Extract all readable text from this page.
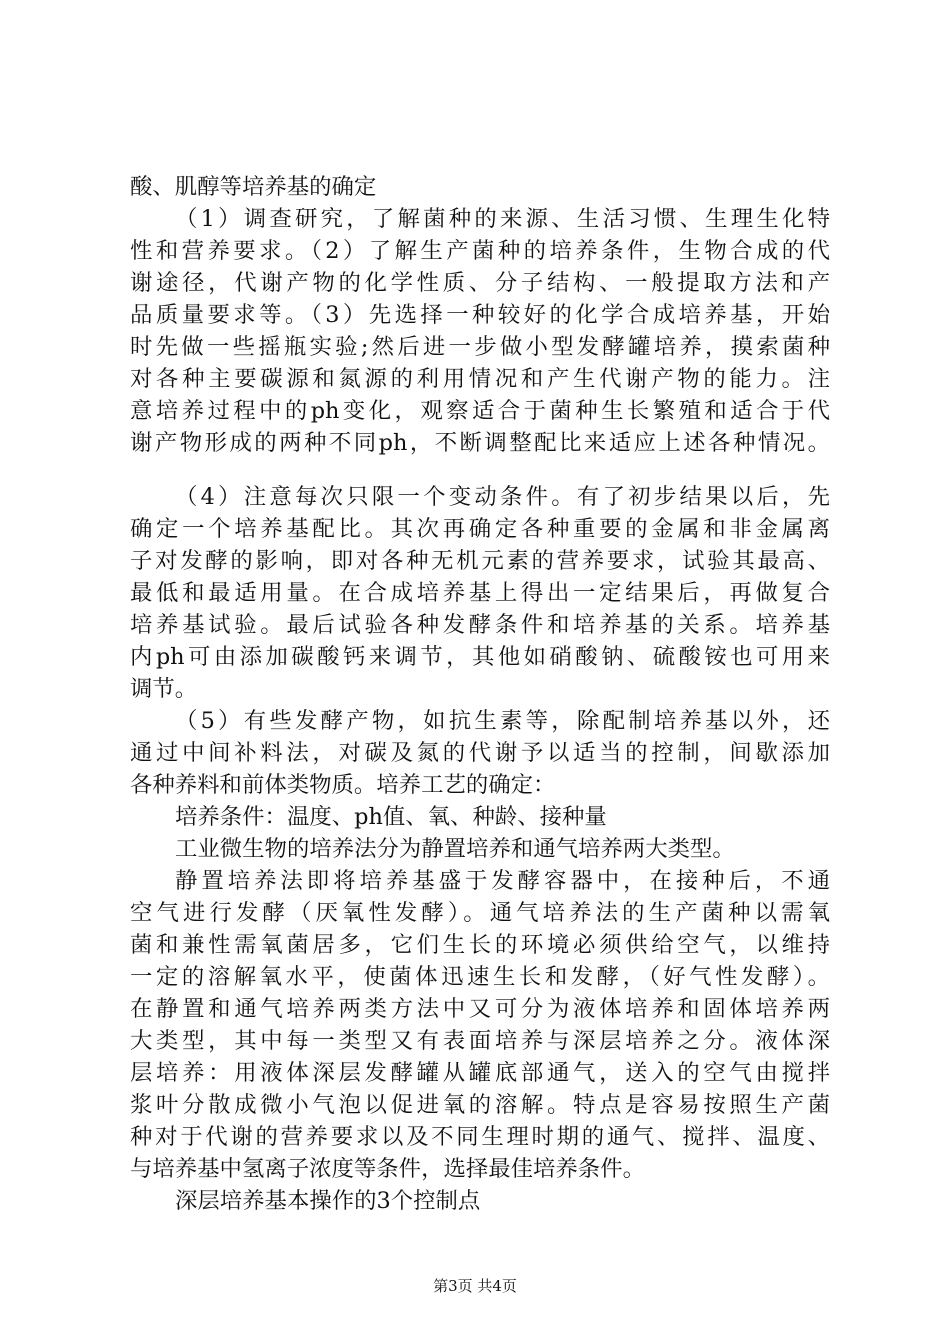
酸、肌醇等培养基的确定
（1）调查研究，了解菌种的来源、生活习惯、生理生化特
性和营养要求。（2）了解生产菌种的培养条件，生物合成的代
谢途径，代谢产物的化学性质、分子结构、一般提取方法和产
品质量要求等。（3）先选择一种较好的化学合成培养基，开始
时先做一些摇瓶实验;然后进一步做小型发酵罐培养，摸索菌种
对各种主要碳源和氮源的利用情况和产生代谢产物的能力。注
意培养过程中的ph变化，观察适合于菌种生长繁殖和适合于代
谢产物形成的两种不同ph，不断调整配比来适应上述各种情况。
（4）注意每次只限一个变动条件。有了初步结果以后，先
确定一个培养基配比。其次再确定各种重要的金属和非金属离
子对发酵的影响，即对各种无机元素的营养要求，试验其最高、
最低和最适用量。在合成培养基上得出一定结果后，再做复合
培养基试验。最后试验各种发酵条件和培养基的关系。培养基
内ph可由添加碳酸钙来调节，其他如硝酸钠、硫酸铵也可用来
调节。
（5）有些发酵产物，如抗生素等，除配制培养基以外，还
通过中间补料法，对碳及氮的代谢予以适当的控制，间歇添加
各种养料和前体类物质。培养工艺的确定：
培养条件：温度、ph值、氧、种龄、接种量
工业微生物的培养法分为静置培养和通气培养两大类型。
静置培养法即将培养基盛于发酵容器中，在接种后，不通
空气进行发酵（厌氧性发酵）。通气培养法的生产菌种以需氧
菌和兼性需氧菌居多，它们生长的环境必须供给空气，以维持
一定的溶解氧水平，使菌体迅速生长和发酵，（好气性发酵）。
在静置和通气培养两类方法中又可分为液体培养和固体培养两
大类型，其中每一类型又有表面培养与深层培养之分。液体深
层培养：用液体深层发酵罐从罐底部通气，送入的空气由搅拌
浆叶分散成微小气泡以促进氧的溶解。特点是容易按照生产菌
种对于代谢的营养要求以及不同生理时期的通气、搅拌、温度、
与培养基中氢离子浓度等条件，选择最佳培养条件。
深层培养基本操作的3个控制点
第3页 共4页
